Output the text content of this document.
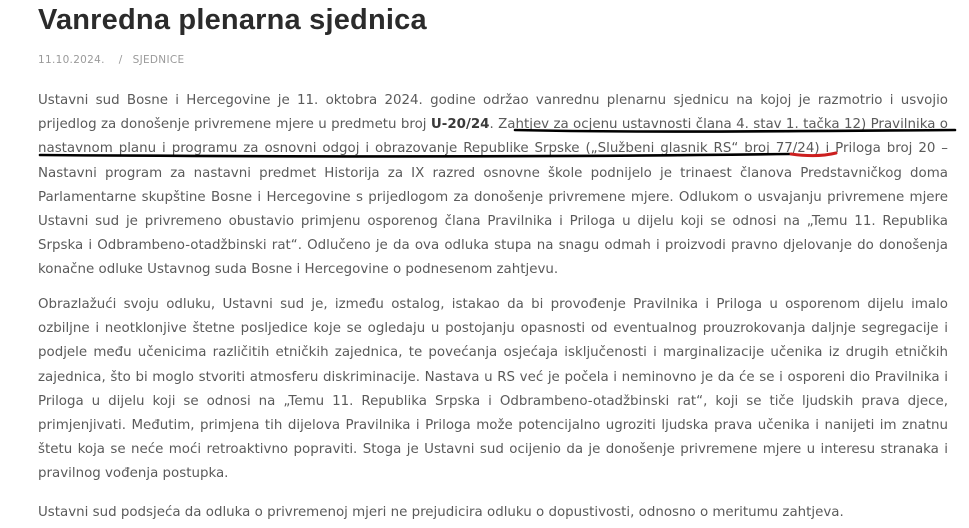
Vanredna plenarna sjednica
11.10.2024. / SJEDNICE

Ustavni sud Bosne i Hercegovine je 11. oktobra 2024. godine održao vanrednu plenarnu sjednicu na kojoj je razmotrio i usvojio prijedlog za donošenje privremene mjere u predmetu broj U-20/24. Zahtjev za ocjenu ustavnosti člana 4. stav 1. tačka 12) Pravilnika o nastavnom planu i programu za osnovni odgoj i obrazovanje Republike Srpske („Službeni glasnik RS“ broj 77/24) i Priloga broj 20 – Nastavni program za nastavni predmet Historija za IX razred osnovne škole podnijelo je trinaest članova Predstavničkog doma Parlamentarne skupštine Bosne i Hercegovine s prijedlogom za donošenje privremene mjere. Odlukom o usvajanju privremene mjere Ustavni sud je privremeno obustavio primjenu osporenog člana Pravilnika i Priloga u dijelu koji se odnosi na „Temu 11. Republika Srpska i Odbrambeno-otadžbinski rat“. Odlučeno je da ova odluka stupa na snagu odmah i proizvodi pravno djelovanje do donošenja konačne odluke Ustavnog suda Bosne i Hercegovine o podnesenom zahtjevu.

Obrazlažući svoju odluku, Ustavni sud je, između ostalog, istakao da bi provođenje Pravilnika i Priloga u osporenom dijelu imalo ozbiljne i neotklonjive štetne posljedice koje se ogledaju u postojanju opasnosti od eventualnog prouzrokovanja daljnje segregacije i podjele među učenicima različitih etničkih zajednica, te povećanja osjećaja isključenosti i marginalizacije učenika iz drugih etničkih zajednica, što bi moglo stvoriti atmosferu diskriminacije. Nastava u RS već je počela i neminovno je da će se i osporeni dio Pravilnika i Priloga u dijelu koji se odnosi na „Temu 11. Republika Srpska i Odbrambeno-otadžbinski rat“, koji se tiče ljudskih prava djece, primjenjivati. Međutim, primjena tih dijelova Pravilnika i Priloga može potencijalno ugroziti ljudska prava učenika i nanijeti im znatnu štetu koja se neće moći retroaktivno popraviti. Stoga je Ustavni sud ocijenio da je donošenje privremene mjere u interesu stranaka i pravilnog vođenja postupka.

Ustavni sud podsjeća da odluka o privremenoj mjeri ne prejudicira odluku o dopustivosti, odnosno o meritumu zahtjeva.
